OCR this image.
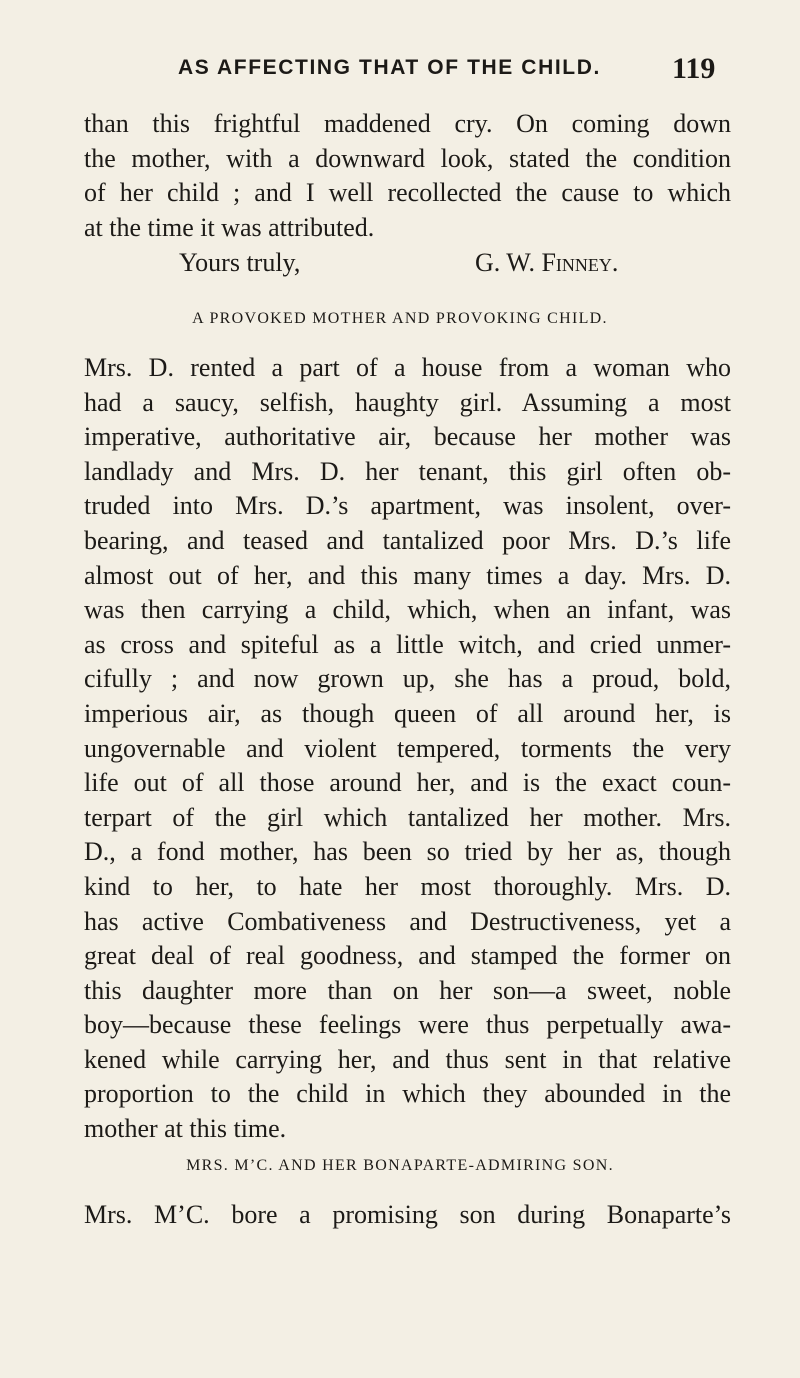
AS AFFECTING THAT OF THE CHILD. 119
than this frightful maddened cry. On coming down
the mother, with a downward look, stated the condition
of her child ; and I well recollected the cause to which
at the time it was attributed.
Yours truly,	G. W. Finney.
A PROVOKED MOTHER AND PROVOKING CHILD.
Mrs. D. rented a part of a house from a woman who
had a saucy, selfish, haughty girl. Assuming a most
imperative, authoritative air, because her mother was
landlady and Mrs. D. her tenant, this girl often ob-
truded into Mrs. D.’s apartment, was insolent, over-
bearing, and teased and tantalized poor Mrs. D.’s life
almost out of her, and this many times a day. Mrs. D.
was then carrying a child, which, when an infant, was
as cross and spiteful as a little witch, and cried unmer-
cifully ; and now grown up, she has a proud, bold,
imperious air, as though queen of all around her, is
ungovernable and violent tempered, torments the very
life out of all those around her, and is the exact coun-
terpart of the girl which tantalized her mother. Mrs.
D., a fond mother, has been so tried by her as, though
kind to her, to hate her most thoroughly. Mrs. D.
has active Combativeness and Destructiveness, yet a
great deal of real goodness, and stamped the former on
this daughter more than on her son—a sweet, noble
boy—because these feelings were thus perpetually awa-
kened while carrying her, and thus sent in that relative
proportion to the child in which they abounded in the
mother at this time.
MRS. M’C. AND HER BONAPARTE-ADMIRING SON.
Mrs. M’C. bore a promising son during Bonaparte’s
